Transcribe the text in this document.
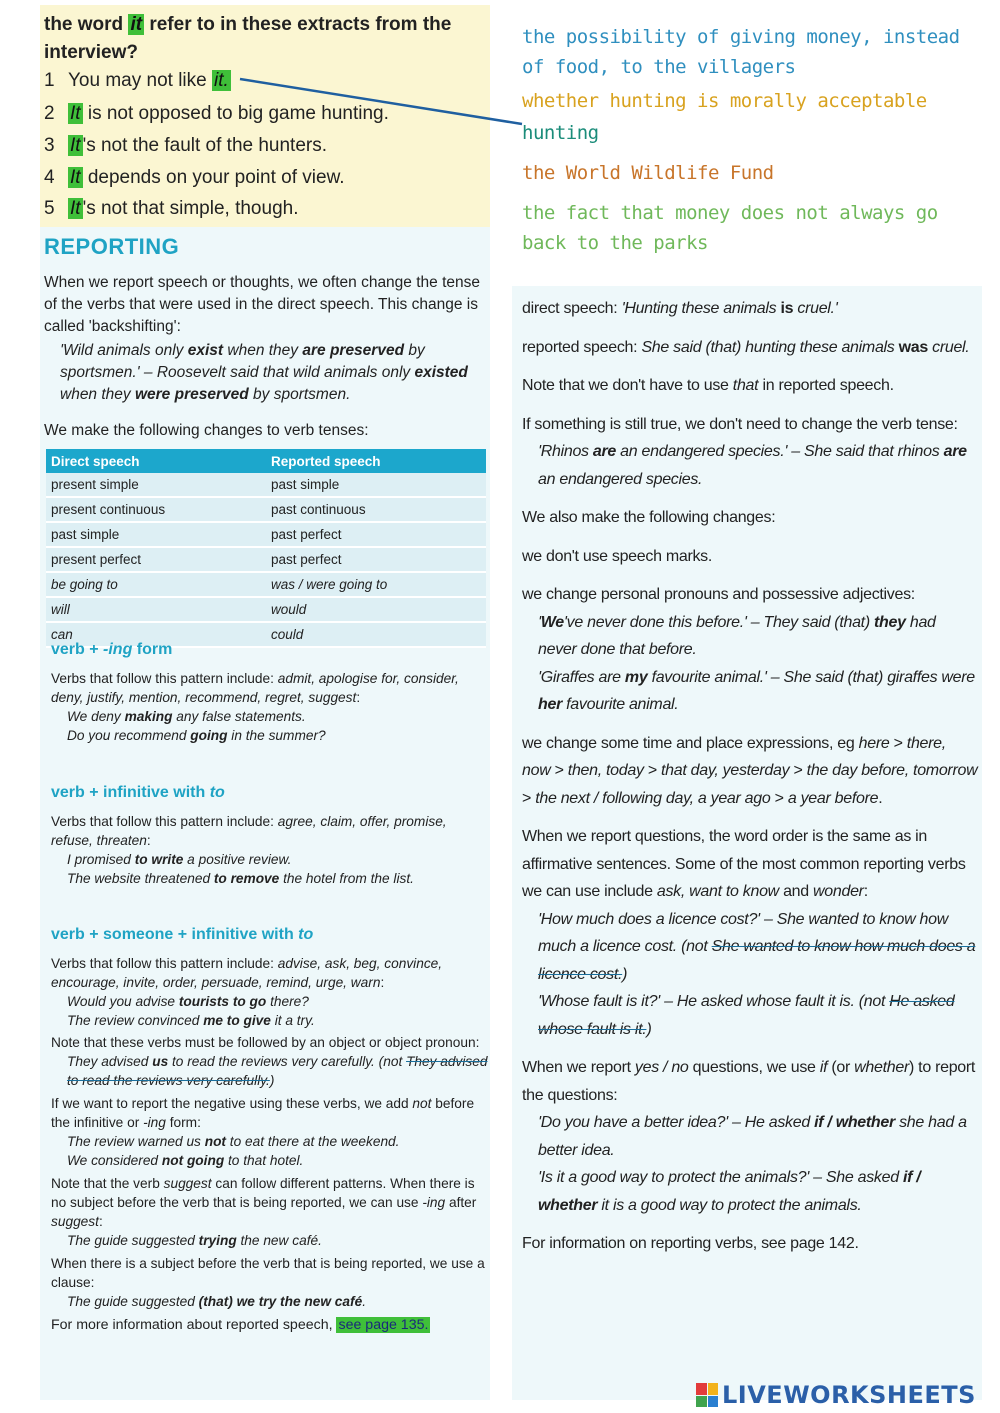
the word it refer to in these extracts from the interview?
1 You may not like it.
2 It is not opposed to big game hunting.
3 It 's not the fault of the hunters.
4 It depends on your point of view.
5 It 's not that simple, though.
the possibility of giving money, instead of food, to the villagers
whether hunting is morally acceptable
hunting
the World Wildlife Fund
the fact that money does not always go back to the parks
REPORTING
When we report speech or thoughts, we often change the tense of the verbs that were used in the direct speech. This change is called 'backshifting':
'Wild animals only exist when they are preserved by sportsmen.' – Roosevelt said that wild animals only existed when they were preserved by sportsmen.
We make the following changes to verb tenses:
Direct speech	Reported speech
present simple	past simple
present continuous	past continuous
past simple	past perfect
present perfect	past perfect
be going to	was / were going to
will	would
can	could
verb + -ing form
Verbs that follow this pattern include: admit, apologise for, consider, deny, justify, mention, recommend, regret, suggest:
We deny making any false statements.
Do you recommend going in the summer?
verb + infinitive with to
Verbs that follow this pattern include: agree, claim, offer, promise, refuse, threaten:
I promised to write a positive review.
The website threatened to remove the hotel from the list.
verb + someone + infinitive with to
Verbs that follow this pattern include: advise, ask, beg, convince, encourage, invite, order, persuade, remind, urge, warn:
Would you advise tourists to go there?
The review convinced me to give it a try.
Note that these verbs must be followed by an object or object pronoun:
They advised us to read the reviews very carefully. (not They advised to read the reviews very carefully.)
If we want to report the negative using these verbs, we add not before the infinitive or -ing form:
The review warned us not to eat there at the weekend.
We considered not going to that hotel.
Note that the verb suggest can follow different patterns. When there is no subject before the verb that is being reported, we can use -ing after suggest:
The guide suggested trying the new café.
When there is a subject before the verb that is being reported, we use a clause:
The guide suggested (that) we try the new café.
For more information about reported speech, see page 135.
direct speech: 'Hunting these animals is cruel.'
reported speech: She said (that) hunting these animals was cruel.
Note that we don't have to use that in reported speech.
If something is still true, we don't need to change the verb tense:
'Rhinos are an endangered species.' – She said that rhinos are an endangered species.
We also make the following changes:
we don't use speech marks.
we change personal pronouns and possessive adjectives:
'We've never done this before.' – They said (that) they had never done that before.
'Giraffes are my favourite animal.' – She said (that) giraffes were her favourite animal.
we change some time and place expressions, eg here > there, now > then, today > that day, yesterday > the day before, tomorrow > the next / following day, a year ago > a year before.
When we report questions, the word order is the same as in affirmative sentences. Some of the most common reporting verbs we can use include ask, want to know and wonder:
'How much does a licence cost?' – She wanted to know how much a licence cost. (not She wanted to know how much does a licence cost.)
'Whose fault is it?' – He asked whose fault it is. (not He asked whose fault is it.)
When we report yes / no questions, we use if (or whether) to report the questions:
'Do you have a better idea?' – He asked if / whether she had a better idea.
'Is it a good way to protect the animals?' – She asked if / whether it is a good way to protect the animals.
For information on reporting verbs, see page 142.
LIVEWORKSHEETS
